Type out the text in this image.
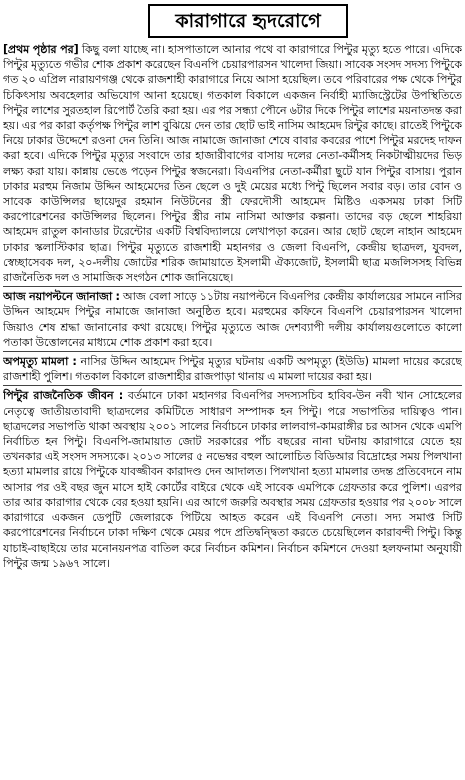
কারাগারে হৃদরোগে

[প্রথম পৃষ্ঠার পর] কিছু বলা যাচ্ছে না। হাসপাতালে আনার পথে বা কারাগারে পিন্টুর মৃত্যু হতে পারে। এদিকে পিন্টুর মৃত্যুতে গভীর শোক প্রকাশ করেছেন বিএনপি চেয়ারপারসন খালেদা জিয়া। সাবেক সংসদ সদস্য পিন্টুকে গত ২০ এপ্রিল নারায়ণগঞ্জ থেকে রাজশাহী কারাগারে নিয়ে আসা হয়েছিল। তবে পরিবারের পক্ষ থেকে পিন্টুর চিকিৎসায় অবহেলার অভিযোগ আনা হয়েছে। গতকাল বিকালে একজন নির্বাহী ম্যাজিস্ট্রেটের উপস্থিতিতে পিন্টুর লাশের সুরতহাল রিপোর্ট তৈরি করা হয়। এর পর সন্ধ্যা পৌনে ৬টার দিকে পিন্টুর লাশের ময়নাতদন্ত করা হয়। এর পর কারা কর্তৃপক্ষ পিন্টুর লাশ বুঝিয়ে দেন তার ছোট ভাই নাসিম আহমেদ রিন্টুর কাছে। রাতেই পিন্টুকে নিয়ে ঢাকার উদ্দেশে রওনা দেন তিনি। আজ নামাজে জানাজা শেষে বাবার কবরের পাশে পিন্টুর মরদেহ দাফন করা হবে। এদিকে পিন্টুর মৃত্যুর সংবাদে তার হাজারীবাগের বাসায় দলের নেতা-কর্মীসহ নিকটাত্মীয়দের ভিড় লক্ষ্য করা যায়। কান্নায় ভেঙে পড়েন পিন্টুর স্বজনেরা। বিএনপির নেতা-কর্মীরা ছুটে যান পিন্টুর বাসায়। পুরান ঢাকার মরহুম নিজাম উদ্দিন আহমেদের তিন ছেলে ও দুই মেয়ের মধ্যে পিন্টু ছিলেন সবার বড়। তার বোন ও সাবেক কাউন্সিলর ছায়েদুর রহমান নিউটনের স্ত্রী ফেরদৌসী আহমেদ মিষ্টিও একসময় ঢাকা সিটি করপোরেশনের কাউন্সিলর ছিলেন। পিন্টুর স্ত্রীর নাম নাসিমা আক্তার কল্পনা। তাদের বড় ছেলে শাহরিয়া আহমেদ রাতুল কানাডার টরেন্টোর একটি বিশ্ববিদ্যালয়ে লেখাপড়া করেন। আর ছোট ছেলে নাহান আহমেদ ঢাকার স্কলাস্টিকার ছাত্র। পিন্টুর মৃত্যুতে রাজশাহী মহানগর ও জেলা বিএনপি, কেন্দ্রীয় ছাত্রদল, যুবদল, স্বেচ্ছাসেবক দল, ২০-দলীয় জোটের শরিক জামায়াতে ইসলামী ঐক্যজোট, ইসলামী ছাত্র মজলিসসহ বিভিন্ন রাজনৈতিক দল ও সামাজিক সংগঠন শোক জানিয়েছে।

আজ নয়াপল্টনে জানাজা : আজ বেলা সাড়ে ১১টায় নয়াপল্টনে বিএনপির কেন্দ্রীয় কার্যালয়ের সামনে নাসির উদ্দিন আহমেদ পিন্টুর নামাজে জানাজা অনুষ্ঠিত হবে। মরহুমের কফিনে বিএনপি চেয়ারপারসন খালেদা জিয়াও শেষ শ্রদ্ধা জানানোর কথা রয়েছে। পিন্টুর মৃত্যুতে আজ দেশব্যাপী দলীয় কার্যালয়গুলোতে কালো পতাকা উত্তোলনের মাধ্যমে শোক প্রকাশ করা হবে।

অপমৃত্যু মামলা : নাসির উদ্দিন আহমেদ পিন্টুর মৃত্যুর ঘটনায় একটি অপমৃত্যু (ইউডি) মামলা দায়ের করেছে রাজশাহী পুলিশ। গতকাল বিকালে রাজশাহীর রাজপাড়া থানায় এ মামলা দায়ের করা হয়।

পিন্টুর রাজনৈতিক জীবন : বর্তমানে ঢাকা মহানগর বিএনপির সদস্যসচিব হাবিব-উন নবী খান সোহেলের নেতৃত্বে জাতীয়তাবাদী ছাত্রদলের কমিটিতে সাধারণ সম্পাদক হন পিন্টু। পরে সভাপতির দায়িত্বও পান। ছাত্রদলের সভাপতি থাকা অবস্থায় ২০০১ সালের নির্বাচনে ঢাকার লালবাগ-কামরাঙ্গীর চর আসন থেকে এমপি নির্বাচিত হন পিন্টু। বিএনপি-জামায়াত জোট সরকারের পাঁচ বছরের নানা ঘটনায় কারাগারে যেতে হয় তখনকার এই সংসদ সদস্যকে। ২০১৩ সালের ৫ নভেম্বর বহুল আলোচিত বিডিআর বিদ্রোহের সময় পিলখানা হত্যা মামলার রায়ে পিন্টুকে যাবজ্জীবন কারাদণ্ড দেন আদালত। পিলখানা হত্যা মামলার তদন্ত প্রতিবেদনে নাম আসার পর ওই বছর জুন মাসে হাই কোর্টের বাইরে থেকে এই সাবেক এমপিকে গ্রেফতার করে পুলিশ। এরপর তার আর কারাগার থেকে বের হওয়া হয়নি। এর আগে জরুরি অবস্থার সময় গ্রেফতার হওয়ার পর ২০০৮ সালে কারাগারে একজন ডেপুটি জেলারকে পিটিয়ে আহত করেন এই বিএনপি নেতা। সদ্য সমাপ্ত সিটি করপোরেশনের নির্বাচনে ঢাকা দক্ষিণ থেকে মেয়র পদে প্রতিদ্বন্দ্বিতা করতে চেয়েছিলেন কারাবন্দী পিন্টু। কিন্তু যাচাই-বাছাইয়ে তার মনোনয়নপত্র বাতিল করে নির্বাচন কমিশন। নির্বাচন কমিশনে দেওয়া হলফনামা অনুযায়ী পিন্টুর জন্ম ১৯৬৭ সালে।
